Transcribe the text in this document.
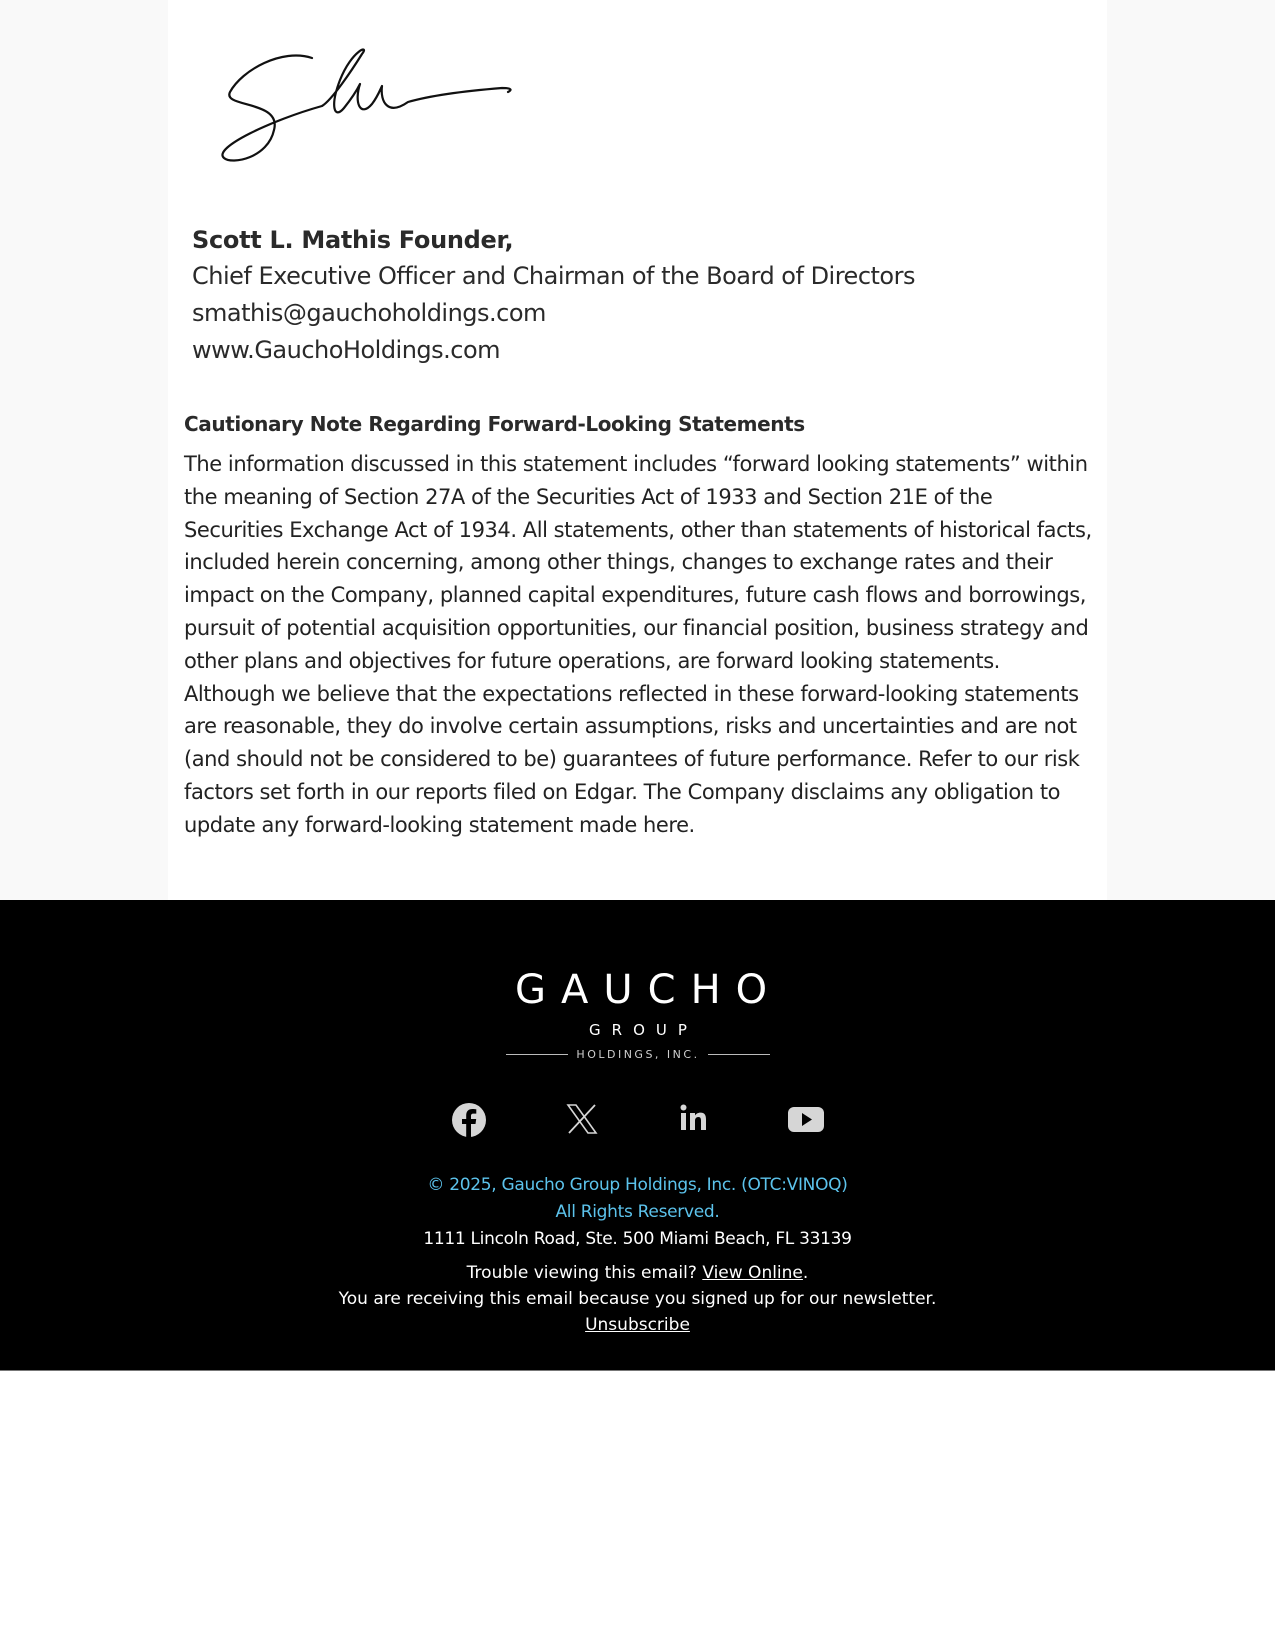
Scott L. Mathis Founder,
Chief Executive Officer and Chairman of the Board of Directors
smathis@gauchoholdings.com
www.GauchoHoldings.com
Cautionary Note Regarding Forward-Looking Statements

The information discussed in this statement includes “forward looking statements” within the meaning of Section 27A of the Securities Act of 1933 and Section 21E of the Securities Exchange Act of 1934. All statements, other than statements of historical facts, included herein concerning, among other things, changes to exchange rates and their impact on the Company, planned capital expenditures, future cash flows and borrowings, pursuit of potential acquisition opportunities, our financial position, business strategy and other plans and objectives for future operations, are forward looking statements. Although we believe that the expectations reflected in these forward-looking statements are reasonable, they do involve certain assumptions, risks and uncertainties and are not (and should not be considered to be) guarantees of future performance. Refer to our risk factors set forth in our reports filed on Edgar. The Company disclaims any obligation to update any forward-looking statement made here.

GAUCHO
GROUP
HOLDINGS, INC.
© 2025, Gaucho Group Holdings, Inc. (OTC:VINOQ)
All Rights Reserved.
1111 Lincoln Road, Ste. 500 Miami Beach, FL 33139
Trouble viewing this email? View Online.
You are receiving this email because you signed up for our newsletter.
Unsubscribe
